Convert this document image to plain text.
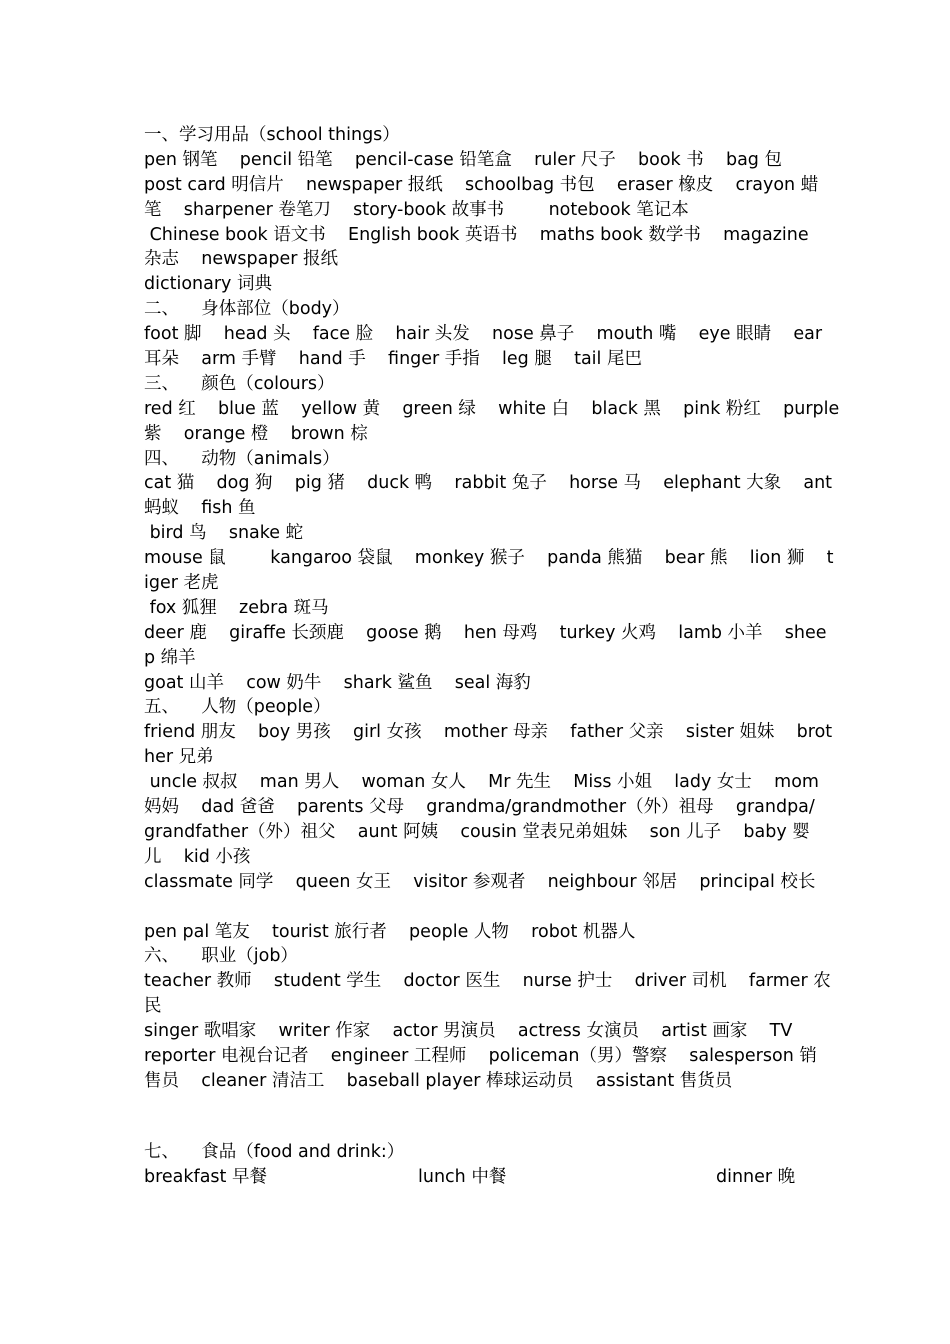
一、学习用品（school things）
pen 钢笔    pencil 铅笔    pencil-case 铅笔盒    ruler 尺子    book 书    bag 包
post card 明信片    newspaper 报纸    schoolbag 书包    eraser 橡皮    crayon 蜡
笔    sharpener 卷笔刀    story-book 故事书        notebook 笔记本
Chinese book 语文书    English book 英语书    maths book 数学书    magazine
杂志    newspaper 报纸
dictionary 词典
二、    身体部位（body）
foot 脚    head 头    face 脸    hair 头发    nose 鼻子    mouth 嘴    eye 眼睛    ear
耳朵    arm 手臂    hand 手    finger 手指    leg 腿    tail 尾巴
三、    颜色（colours）
red 红    blue 蓝    yellow 黄    green 绿    white 白    black 黑    pink 粉红    purple
紫    orange 橙    brown 棕
四、    动物（animals）
cat 猫    dog 狗    pig 猪    duck 鸭    rabbit 兔子    horse 马    elephant 大象    ant
蚂蚁    fish 鱼
bird 鸟    snake 蛇
mouse 鼠        kangaroo 袋鼠    monkey 猴子    panda 熊猫    bear 熊    lion 狮    t
iger 老虎
fox 狐狸    zebra 斑马
deer 鹿    giraffe 长颈鹿    goose 鹅    hen 母鸡    turkey 火鸡    lamb 小羊    shee
p 绵羊
goat 山羊    cow 奶牛    shark 鲨鱼    seal 海豹
五、    人物（people）
friend 朋友    boy 男孩    girl 女孩    mother 母亲    father 父亲    sister 姐妹    brot
her 兄弟
uncle 叔叔    man 男人    woman 女人    Mr 先生    Miss 小姐    lady 女士    mom
妈妈    dad 爸爸    parents 父母    grandma/grandmother（外）祖母    grandpa/
grandfather（外）祖父    aunt 阿姨    cousin 堂表兄弟姐妹    son 儿子    baby 婴
儿    kid 小孩
classmate 同学    queen 女王    visitor 参观者    neighbour 邻居    principal 校长
pen pal 笔友    tourist 旅行者    people 人物    robot 机器人
六、    职业（job）
teacher 教师    student 学生    doctor 医生    nurse 护士    driver 司机    farmer 农
民
singer 歌唱家    writer 作家    actor 男演员    actress 女演员    artist 画家    TV
reporter 电视台记者    engineer 工程师    policeman（男）警察    salesperson 销
售员    cleaner 清洁工    baseball player 棒球运动员    assistant 售货员
七、    食品（food and drink:）
breakfast 早餐	lunch 中餐	dinner 晚
